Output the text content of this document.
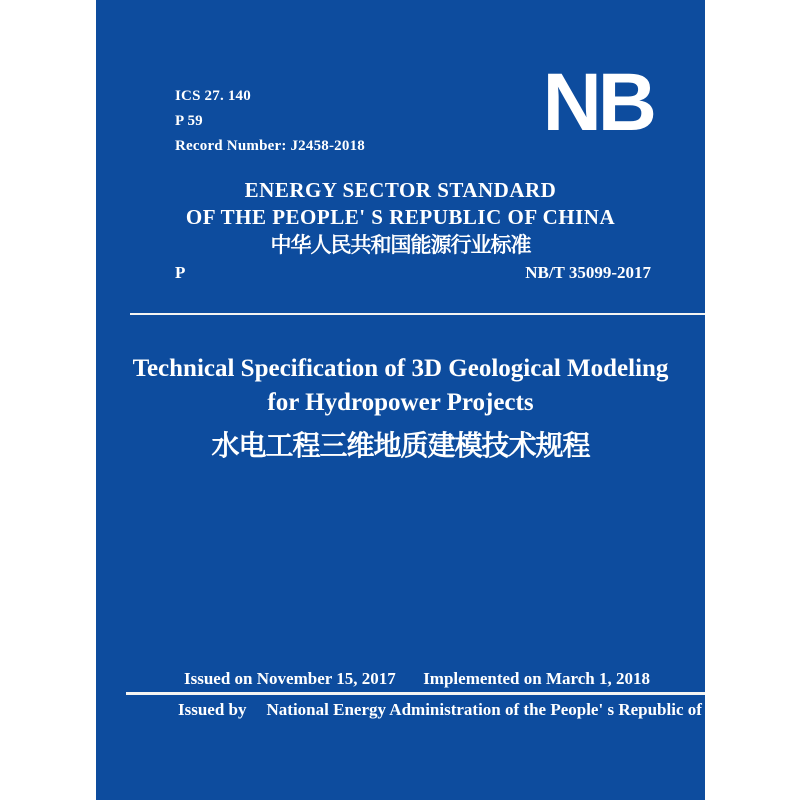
ICS 27. 140
P 59
Record Number: J2458-2018 NB
ENERGY SECTOR STANDARD
OF THE PEOPLE' S REPUBLIC OF CHINA
中华人民共和国能源行业标准
P	NB/T 35099-2017
Technical Specification of 3D Geological Modeling
for Hydropower Projects
水电工程三维地质建模技术规程
Issued on November 15, 2017 Implemented on March 1, 2018
Issued by National Energy Administration of the People' s Republic of China
